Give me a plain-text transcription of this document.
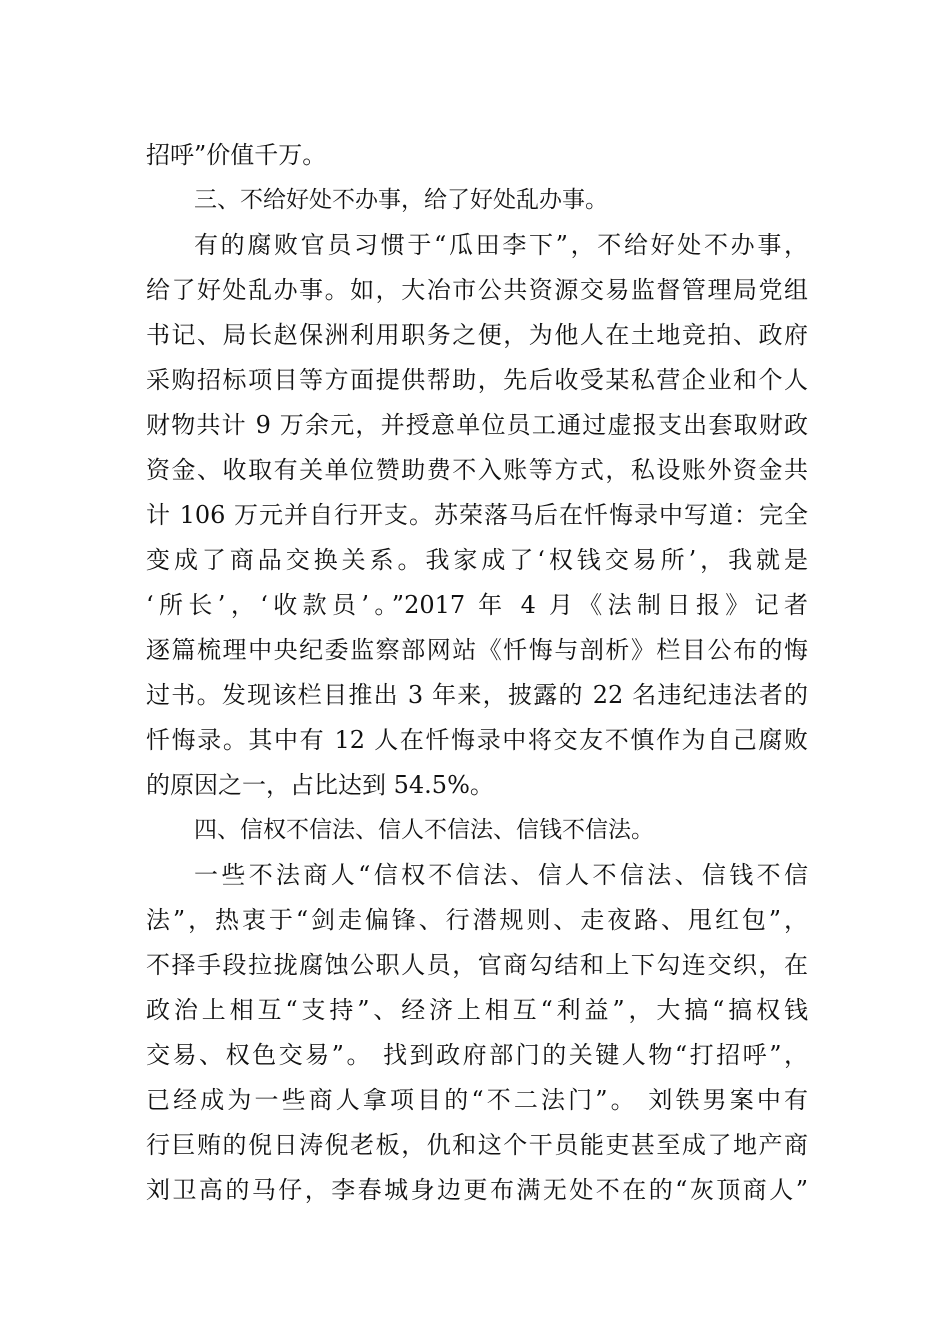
招呼”价值千万。
三、不给好处不办事，给了好处乱办事。
有的腐败官员习惯于“瓜田李下”，不给好处不办事，
给了好处乱办事。如，大冶市公共资源交易监督管理局党组
书记、局长赵保洲利用职务之便，为他人在土地竞拍、政府
采购招标项目等方面提供帮助，先后收受某私营企业和个人
财物共计 9 万余元，并授意单位员工通过虚报支出套取财政
资金、收取有关单位赞助费不入账等方式，私设账外资金共
计 106 万元并自行开支。苏荣落马后在忏悔录中写道：完全
变成了商品交换关系。我家成了‘权钱交易所’，我就是
‘所长’，‘收款员’。”2017 年 4 月《法制日报》记者
逐篇梳理中央纪委监察部网站《忏悔与剖析》栏目公布的悔
过书。发现该栏目推出 3 年来，披露的 22 名违纪违法者的
忏悔录。其中有 12 人在忏悔录中将交友不慎作为自己腐败
的原因之一，占比达到 54.5%。
四、信权不信法、信人不信法、信钱不信法。
一些不法商人“信权不信法、信人不信法、信钱不信
法”，热衷于“剑走偏锋、行潜规则、走夜路、甩红包”，
不择手段拉拢腐蚀公职人员，官商勾结和上下勾连交织，在
政治上相互“支持”、经济上相互“利益”，大搞“搞权钱
交易、权色交易”。 找到政府部门的关键人物“打招呼”，
已经成为一些商人拿项目的“不二法门”。 刘铁男案中有
行巨贿的倪日涛倪老板，仇和这个干员能吏甚至成了地产商
刘卫高的马仔，李春城身边更布满无处不在的“灰顶商人”
